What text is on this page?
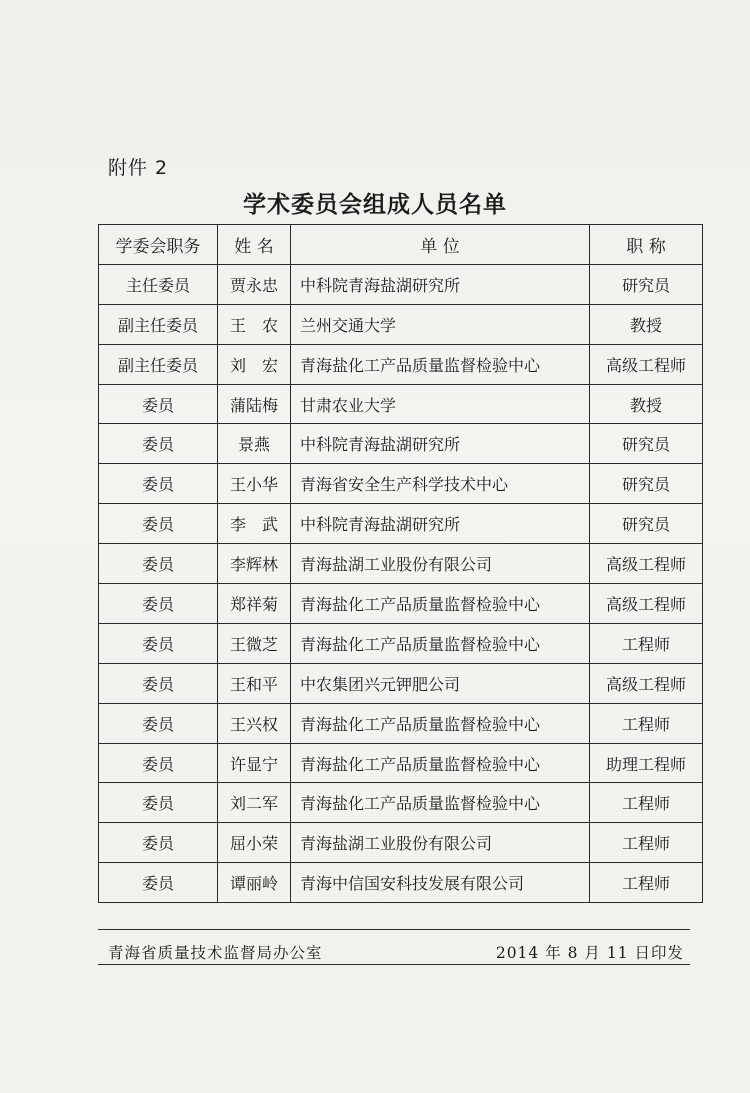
附件 2
学术委员会组成人员名单
学委会职务	姓 名	单 位	职 称
主任委员	贾永忠	中科院青海盐湖研究所	研究员
副主任委员	王　农	兰州交通大学	教授
副主任委员	刘　宏	青海盐化工产品质量监督检验中心	高级工程师
委员	蒲陆梅	甘肃农业大学	教授
委员	景燕	中科院青海盐湖研究所	研究员
委员	王小华	青海省安全生产科学技术中心	研究员
委员	李　武	中科院青海盐湖研究所	研究员
委员	李辉林	青海盐湖工业股份有限公司	高级工程师
委员	郑祥菊	青海盐化工产品质量监督检验中心	高级工程师
委员	王微芝	青海盐化工产品质量监督检验中心	工程师
委员	王和平	中农集团兴元钾肥公司	高级工程师
委员	王兴权	青海盐化工产品质量监督检验中心	工程师
委员	许显宁	青海盐化工产品质量监督检验中心	助理工程师
委员	刘二军	青海盐化工产品质量监督检验中心	工程师
委员	屈小荣	青海盐湖工业股份有限公司	工程师
委员	谭丽岭	青海中信国安科技发展有限公司	工程师
青海省质量技术监督局办公室	2014 年 8 月 11 日印发
